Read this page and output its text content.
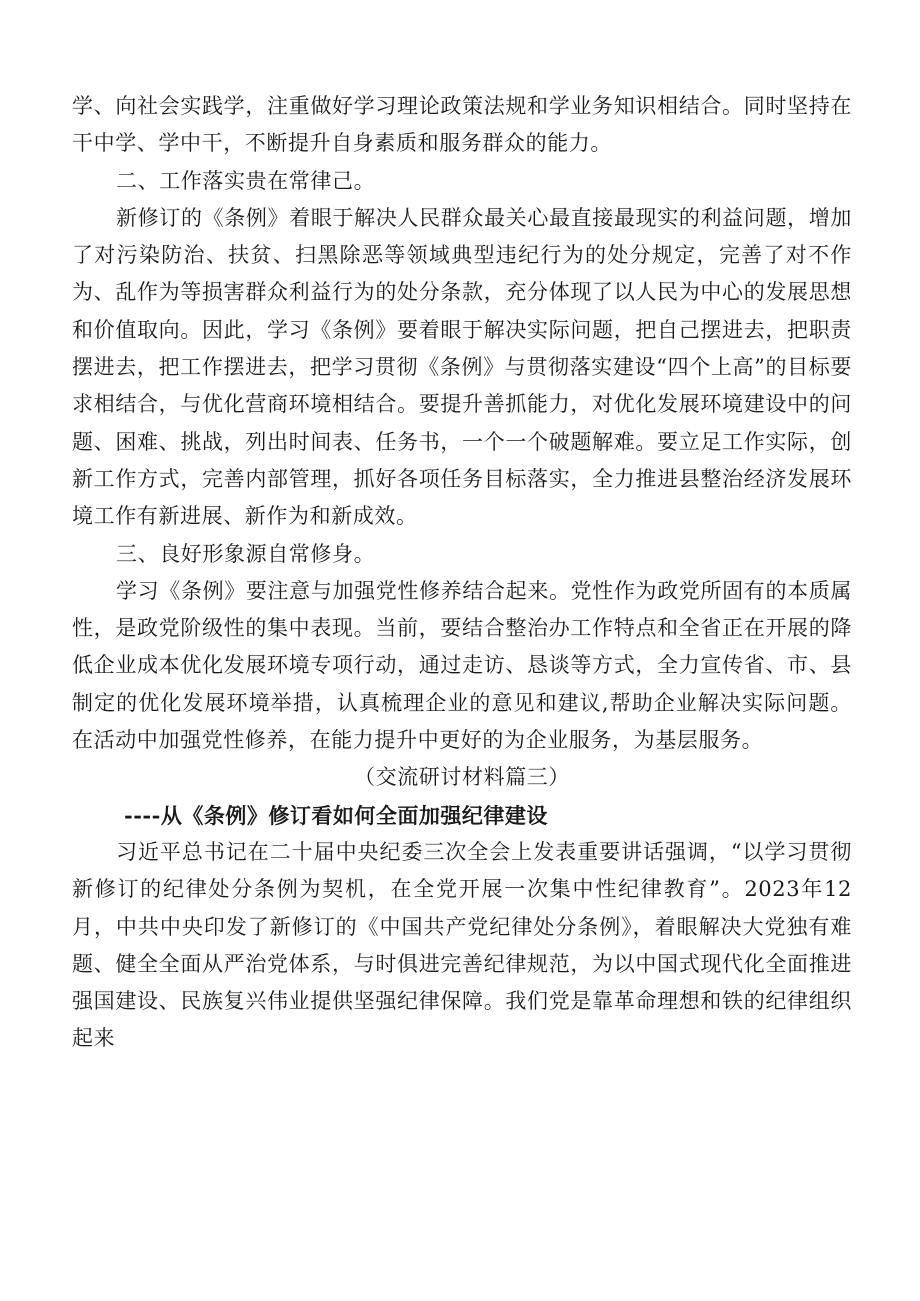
学、向社会实践学，注重做好学习理论政策法规和学业务知识相结合。同时坚持在干中学、学中干，不断提升自身素质和服务群众的能力。

二、工作落实贵在常律己。

新修订的《条例》着眼于解决人民群众最关心最直接最现实的利益问题，增加了对污染防治、扶贫、扫黑除恶等领域典型违纪行为的处分规定，完善了对不作为、乱作为等损害群众利益行为的处分条款，充分体现了以人民为中心的发展思想和价值取向。因此，学习《条例》要着眼于解决实际问题，把自己摆进去，把职责摆进去，把工作摆进去，把学习贯彻《条例》与贯彻落实建设“四个上高”的目标要求相结合，与优化营商环境相结合。要提升善抓能力，对优化发展环境建设中的问题、困难、挑战，列出时间表、任务书，一个一个破题解难。要立足工作实际，创新工作方式，完善内部管理，抓好各项任务目标落实，全力推进县整治经济发展环境工作有新进展、新作为和新成效。

三、良好形象源自常修身。

学习《条例》要注意与加强党性修养结合起来。党性作为政党所固有的本质属性，是政党阶级性的集中表现。当前，要结合整治办工作特点和全省正在开展的降低企业成本优化发展环境专项行动，通过走访、恳谈等方式，全力宣传省、市、县制定的优化发展环境举措，认真梳理企业的意见和建议,帮助企业解决实际问题。在活动中加强党性修养，在能力提升中更好的为企业服务，为基层服务。

（交流研讨材料篇三）

----从《条例》修订看如何全面加强纪律建设

习近平总书记在二十届中央纪委三次全会上发表重要讲话强调，“以学习贯彻新修订的纪律处分条例为契机，在全党开展一次集中性纪律教育”。2023年12月，中共中央印发了新修订的《中国共产党纪律处分条例》，着眼解决大党独有难题、健全全面从严治党体系，与时俱进完善纪律规范，为以中国式现代化全面推进强国建设、民族复兴伟业提供坚强纪律保障。我们党是靠革命理想和铁的纪律组织起来
